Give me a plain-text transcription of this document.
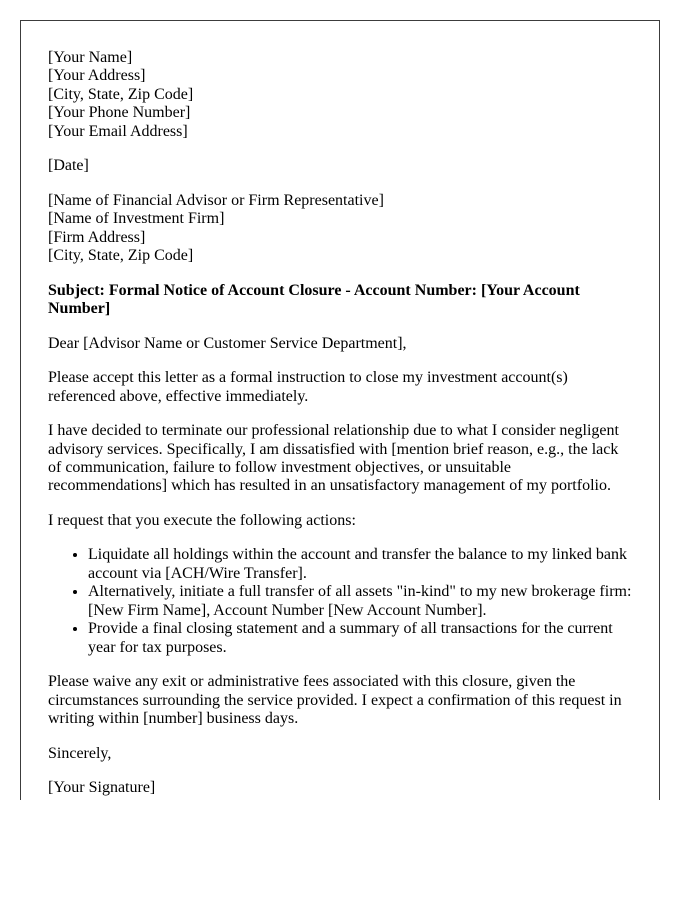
[Your Name]
[Your Address]
[City, State, Zip Code]
[Your Phone Number]
[Your Email Address]

[Date]

[Name of Financial Advisor or Firm Representative]
[Name of Investment Firm]
[Firm Address]
[City, State, Zip Code]

Subject: Formal Notice of Account Closure - Account Number: [Your Account Number]

Dear [Advisor Name or Customer Service Department],

Please accept this letter as a formal instruction to close my investment account(s) referenced above, effective immediately.

I have decided to terminate our professional relationship due to what I consider negligent advisory services. Specifically, I am dissatisfied with [mention brief reason, e.g., the lack of communication, failure to follow investment objectives, or unsuitable recommendations] which has resulted in an unsatisfactory management of my portfolio.

I request that you execute the following actions:

• Liquidate all holdings within the account and transfer the balance to my linked bank account via [ACH/Wire Transfer].
• Alternatively, initiate a full transfer of all assets "in-kind" to my new brokerage firm: [New Firm Name], Account Number [New Account Number].
• Provide a final closing statement and a summary of all transactions for the current year for tax purposes.

Please waive any exit or administrative fees associated with this closure, given the circumstances surrounding the service provided. I expect a confirmation of this request in writing within [number] business days.

Sincerely,

[Your Signature]
